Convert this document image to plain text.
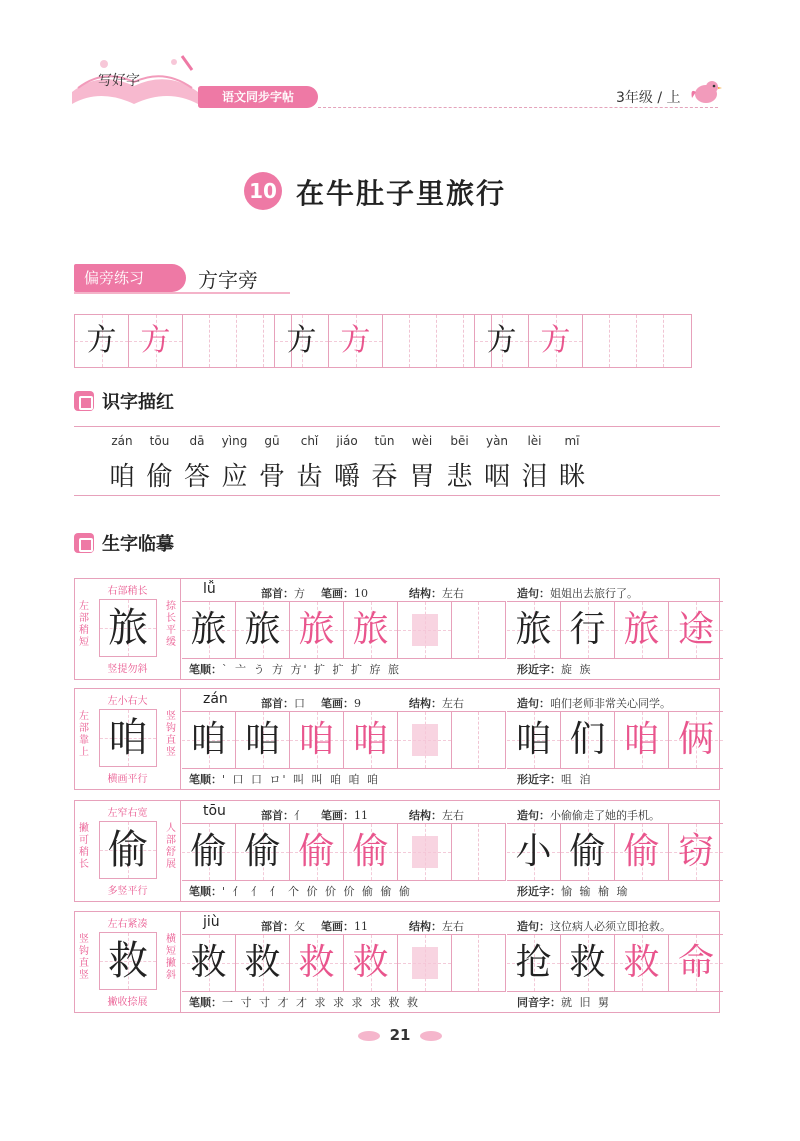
写好字
语文同步字帖	3年级 / 上
10 在牛肚子里旅行
偏旁练习	方字旁
方 方	方 方	方 方
识字描红
zán
咱
tōu
偷
dā
答
yìng
应
gū
骨
chǐ
齿
jiáo
嚼
tūn
吞
wèi
胃
bēi
悲
yàn
咽
lèi
泪
mī
眯
生字临摹
右部稍长
左部稍短 旅	捺长平缓
竖提勿斜
lǚ	部首：方 笔画：10	结构：左右	造句：姐姐出去旅行了。
旅 旅 旅 旅	旅 行 旅 途
笔顺：` 亠 う 方 方' 扩 扩 扩 斿 旅	形近字：旋 族
左小右大
左部靠上 咱	竖钩直竖
横画平行
zán	部首：口 笔画：9	结构：左右	造句：咱们老师非常关心同学。
咱 咱 咱 咱	咱 们 咱 俩
笔顺：' 口 口 ロ' 叫 叫 咱 咱 咱	形近字：咀 洎
左窄右宽
撇可稍长 偷	人部舒展
多竖平行
tōu	部首：亻 笔画：11	结构：左右	造句：小偷偷走了她的手机。
偷 偷 偷 偷	小 偷 偷 窃
笔顺：' 亻 亻 亻 个 价 价 价 偷 偷 偷	形近字：愉 输 榆 瑜
左右紧凑
竖钩直竖 救	横短撇斜
撇收捺展
jiù	部首：攵 笔画：11	结构：左右	造句：这位病人必须立即抢救。
救 救 救 救	抢 救 救 命
笔顺：一 寸 寸 才 才 求 求 求 求 救 救	同音字：就 旧 舅
21
